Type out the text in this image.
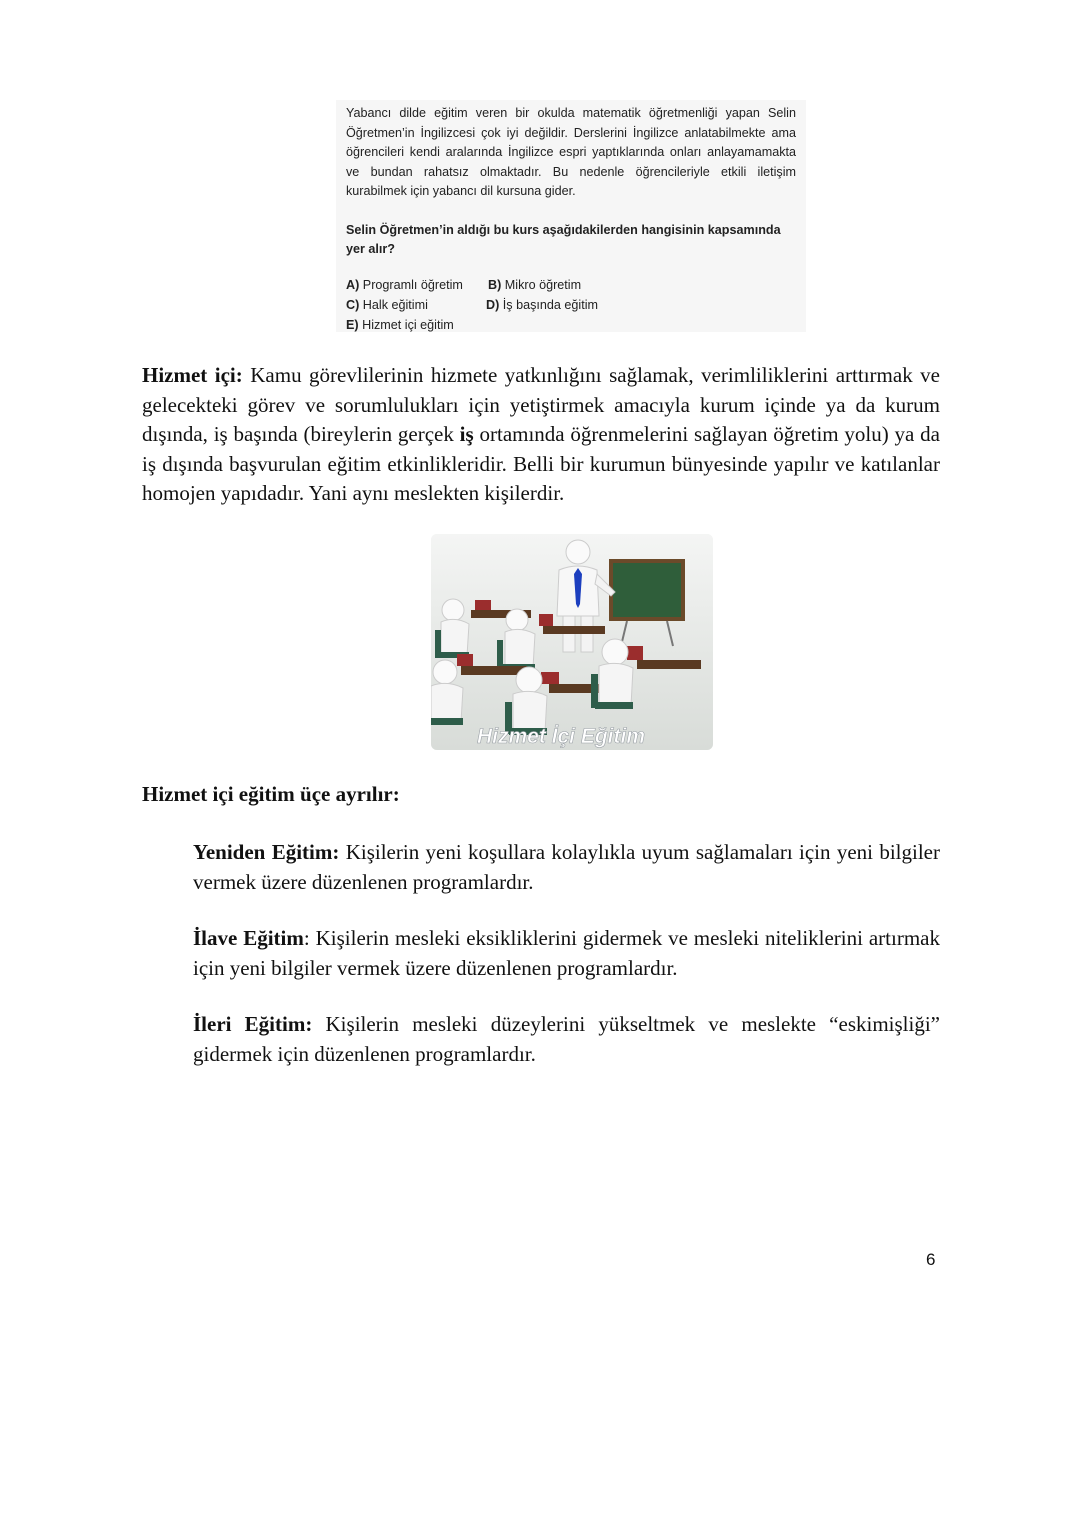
Yabancı dilde eğitim veren bir okulda matematik öğretmenliği yapan Selin Öğretmen’in İngilizcesi çok iyi değildir. Derslerini İngilizce anlatabilmekte ama öğrencileri kendi aralarında İngilizce espri yaptıklarında onları anlayamamakta ve bundan rahatsız olmaktadır. Bu nedenle öğrencileriyle etkili iletişim kurabilmek için yabancı dil kursuna gider.

Selin Öğretmen’in aldığı bu kurs aşağıdakilerden hangisinin kapsamında yer alır?

A) Programlı öğretim	B) Mikro öğretim
C) Halk eğitimi	D) İş başında eğitim
E) Hizmet içi eğitim

Hizmet içi: Kamu görevlilerinin hizmete yatkınlığını sağlamak, verimliliklerini arttırmak ve gelecekteki görev ve sorumlulukları için yetiştirmek amacıyla kurum içinde ya da kurum dışında, iş başında (bireylerin gerçek iş ortamında öğrenmelerini sağlayan öğretim yolu) ya da iş dışında başvurulan eğitim etkinlikleridir. Belli bir kurumun bünyesinde yapılır ve katılanlar homojen yapıdadır. Yani aynı meslekten kişilerdir.

Hizmet İçi Eğitim

Hizmet içi eğitim üçe ayrılır:

Yeniden Eğitim: Kişilerin yeni koşullara kolaylıkla uyum sağlamaları için yeni bilgiler vermek üzere düzenlenen programlardır.

İlave Eğitim: Kişilerin mesleki eksikliklerini gidermek ve mesleki niteliklerini artırmak için yeni bilgiler vermek üzere düzenlenen programlardır.

İleri Eğitim: Kişilerin mesleki düzeylerini yükseltmek ve meslekte “eskimişliği” gidermek için düzenlenen programlardır.

6
